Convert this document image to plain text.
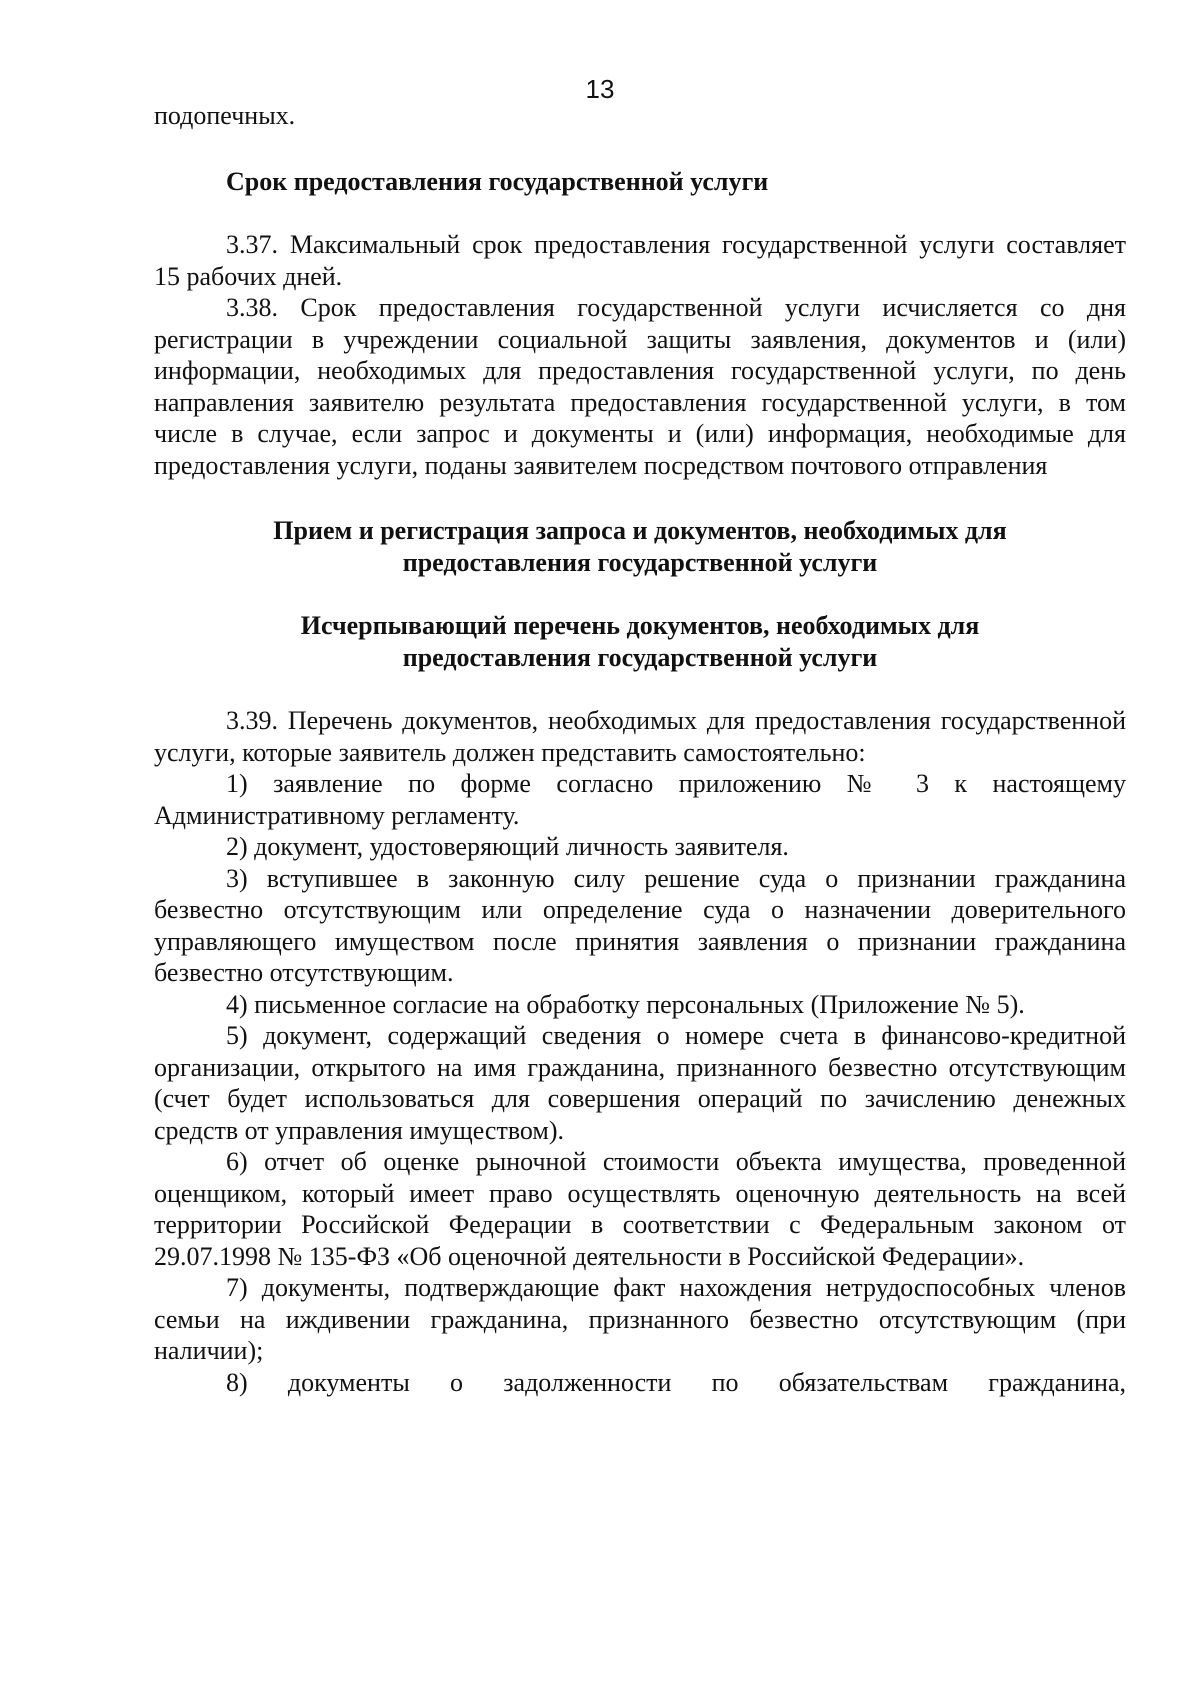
13

подопечных.

Срок предоставления государственной услуги

3.37. Максимальный срок предоставления государственной услуги составляет 15 рабочих дней.

3.38. Срок предоставления государственной услуги исчисляется со дня регистрации в учреждении социальной защиты заявления, документов и (или) информации, необходимых для предоставления государственной услуги, по день направления заявителю результата предоставления государственной услуги, в том числе в случае, если запрос и документы и (или) информация, необходимые для предоставления услуги, поданы заявителем посредством почтового отправления

Прием и регистрация запроса и документов, необходимых для

предоставления государственной услуги

Исчерпывающий перечень документов, необходимых для

предоставления государственной услуги

3.39. Перечень документов, необходимых для предоставления государственной услуги, которые заявитель должен представить самостоятельно:

1) заявление по форме согласно приложению № 3 к настоящему Административному регламенту.

2) документ, удостоверяющий личность заявителя.

3) вступившее в законную силу решение суда о признании гражданина безвестно отсутствующим или определение суда о назначении доверительного управляющего имуществом после принятия заявления о признании гражданина безвестно отсутствующим.

4) письменное согласие на обработку персональных (Приложение № 5).

5) документ, содержащий сведения о номере счета в финансово-кредитной организации, открытого на имя гражданина, признанного безвестно отсутствующим (счет будет использоваться для совершения операций по зачислению денежных средств от управления имуществом).

6) отчет об оценке рыночной стоимости объекта имущества, проведенной оценщиком, который имеет право осуществлять оценочную деятельность на всей территории Российской Федерации в соответствии с Федеральным законом от 29.07.1998 № 135-ФЗ «Об оценочной деятельности в Российской Федерации».

7) документы, подтверждающие факт нахождения нетрудоспособных членов семьи на иждивении гражданина, признанного безвестно отсутствующим (при наличии);

8) документы о задолженности по обязательствам гражданина,
